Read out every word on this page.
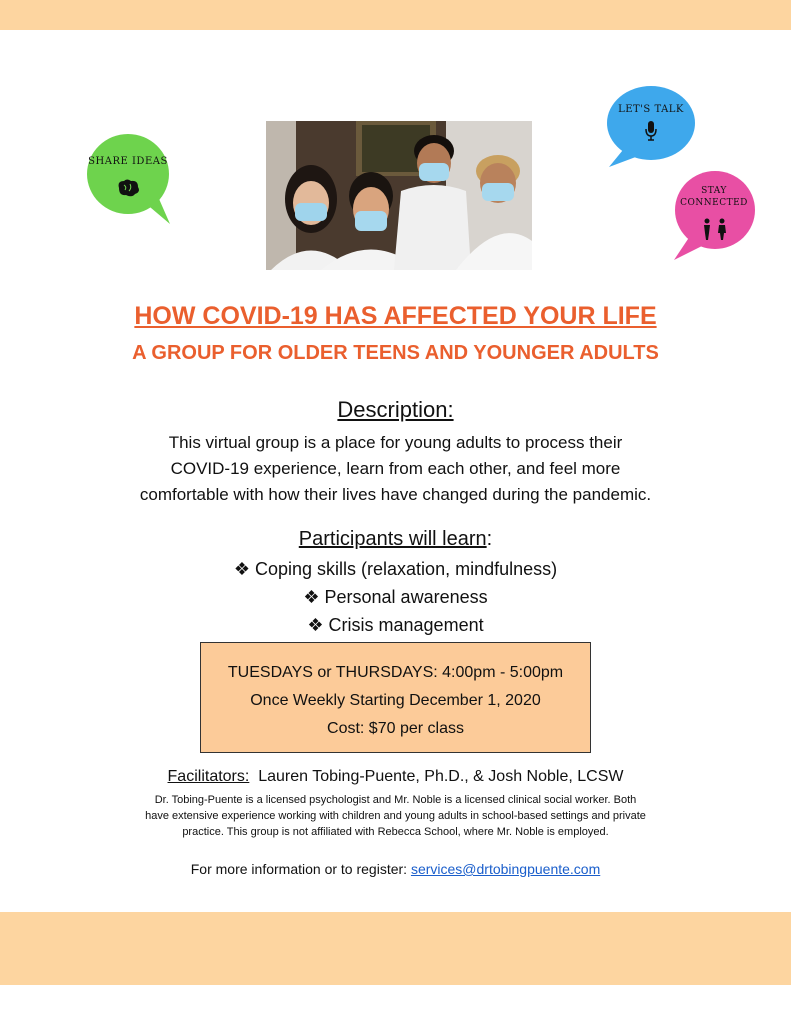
SHARE IDEAS
LET'S TALK
STAY
CONNECTED
HOW COVID-19 HAS AFFECTED YOUR LIFE
A GROUP FOR OLDER TEENS AND YOUNGER ADULTS
Description:
This virtual group is a place for young adults to process their
COVID-19 experience, learn from each other, and feel more
comfortable with how their lives have changed during the pandemic.
Participants will learn:
❖ Coping skills (relaxation, mindfulness)
❖ Personal awareness
❖ Crisis management
TUESDAYS or THURSDAYS: 4:00pm - 5:00pm
Once Weekly Starting December 1, 2020
Cost: $70 per class
Facilitators: Lauren Tobing-Puente, Ph.D., & Josh Noble, LCSW
Dr. Tobing-Puente is a licensed psychologist and Mr. Noble is a licensed clinical social worker. Both
have extensive experience working with children and young adults in school-based settings and private
practice. This group is not affiliated with Rebecca School, where Mr. Noble is employed.
For more information or to register: services@drtobingpuente.com
